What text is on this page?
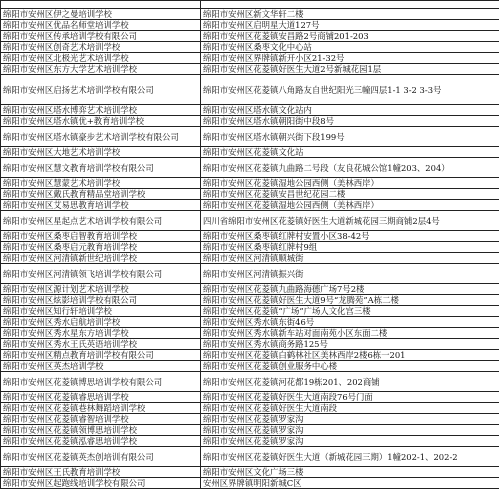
绵阳市安州区伊之曼培训学校	绵阳市安州区新文华轩二楼
绵阳市安州区优品名师堂培训学校	绵阳市安州区启明星大道127号
绵阳市安州区传承培训学校有限公司	绵阳市安州区花菱镇安昌路2号商铺201-203
绵阳市安州区创奇艺术培训学校	绵阳市安州区桑枣文化中心站
绵阳市安州区北极光艺术培训学校	绵阳市安州区界牌镇新开小区21-32号
绵阳市安州区东方大学艺术培训学校	绵阳市安州区花菱镇好医生大道2号新城花园1层
绵阳市安州区启扬艺术培训学校有限公司	绵阳市安州区花菱镇八角路友自世纪阳光三幢四层1-1 3-2 3-3号
绵阳市安州区塔水博弈艺术培训学校	绵阳市安州区塔水镇文化站内
绵阳市安州区塔水镇优+教育培训学校	绵阳市安州区塔水镇朝阳街中段8号
绵阳市安州区塔水镇豪步艺术培训学校有限公司	绵阳市安州区塔水镇朝兴街下段199号
绵阳市安州区大地艺术培训学校	绵阳市安州区花菱镇文化站
绵阳市安州区慧文教育培训学校有限公司	绵阳市安州区花菱镇九曲路二号段（友良花城公馆1幢203、204）
绵阳市安州区慧蒙艺术培训学校	绵阳市安州区花菱镇湿地公园西侧（美林西岸）
绵阳市安州区戴氏教育精品堂培训学校	绵阳市安州区花菱镇安昌世纪花园二楼
绵阳市安州区艾易思教育培训学校	绵阳市安州区花菱镇湿地公园西侧（美林西岸）
绵阳市安州区星起点艺术培训学校有限公司	四川省绵阳市安州区花菱镇好医生大道新城花园三期商铺2层4号
绵阳市安州区桑枣启智教育培训学校	绵阳市安州区桑枣镇红牌村安置小区38-42号
绵阳市安州区桑枣启元教育培训学校	绵阳市安州区桑枣镇红牌村9组
绵阳市安州区河清镇新世纪培训学校	绵阳市安州区河清镇顺城街
绵阳市安州区河清镇领飞培训学校有限公司	绵阳市安州区河清镇振兴街
绵阳市安州区源计划艺术培训学校	绵阳市安州区花菱镇九曲路海德广场7号2楼
绵阳市安州区炫影培训学校有限公司	绵阳市安州区花菱镇好医生大道9号“龙腾苑”A栋二楼
绵阳市安州区知行轩培训学校	绵阳市安州区花菱镇“广场”广场人文化宫三楼
绵阳市安州区秀水启航培训学校	绵阳市安州区秀水镇东街46号
绵阳市安州区秀水星东方培训学校	绵阳市安州区秀水镇新车站对面南苑小区东面二楼
绵阳市安州区秀水王氏英语培训学校	绵阳市安州区秀水镇商务路125号
绵阳市安州区精点教育培训学校有限公司	绵阳市安州区花菱镇白鹤林社区美林西岸2楼6栋一201
绵阳市安州区英杰培训学校	绵阳市安州区花菱镇创业服务中心楼
绵阳市安州区花菱镇博思培训学校有限公司	绵阳市安州区花菱镇河花都19栋201、202商铺
绵阳市安州区花菱镇睿思培训学校	绵阳市安州区花菱镇好医生大道南段76号门面
绵阳市安州区花菱镇巷林舞蹈培训学校	绵阳市安州区花菱镇好医生大道南段
绵阳市安州区花菱镇睿智培训学校	绵阳市安州区花菱镇罗家沟
绵阳市安州区花菱镇领博思培训学校	绵阳市安州区花菱镇罗家沟
绵阳市安州区花菱镇泓睿思培训学校	绵阳市安州区花菱镇罗家沟
绵阳市安州区花菱镇英杰创培训有限公司	绵阳市安州区花菱镇好医生大道（新城花园三期）1幢202-1、202-2
绵阳市安州区王氏教育培训学校	绵阳市安州区文化广场三楼
绵阳市安州区起跑线培训学校有限公司	安州区界牌镇明阳新城C区
